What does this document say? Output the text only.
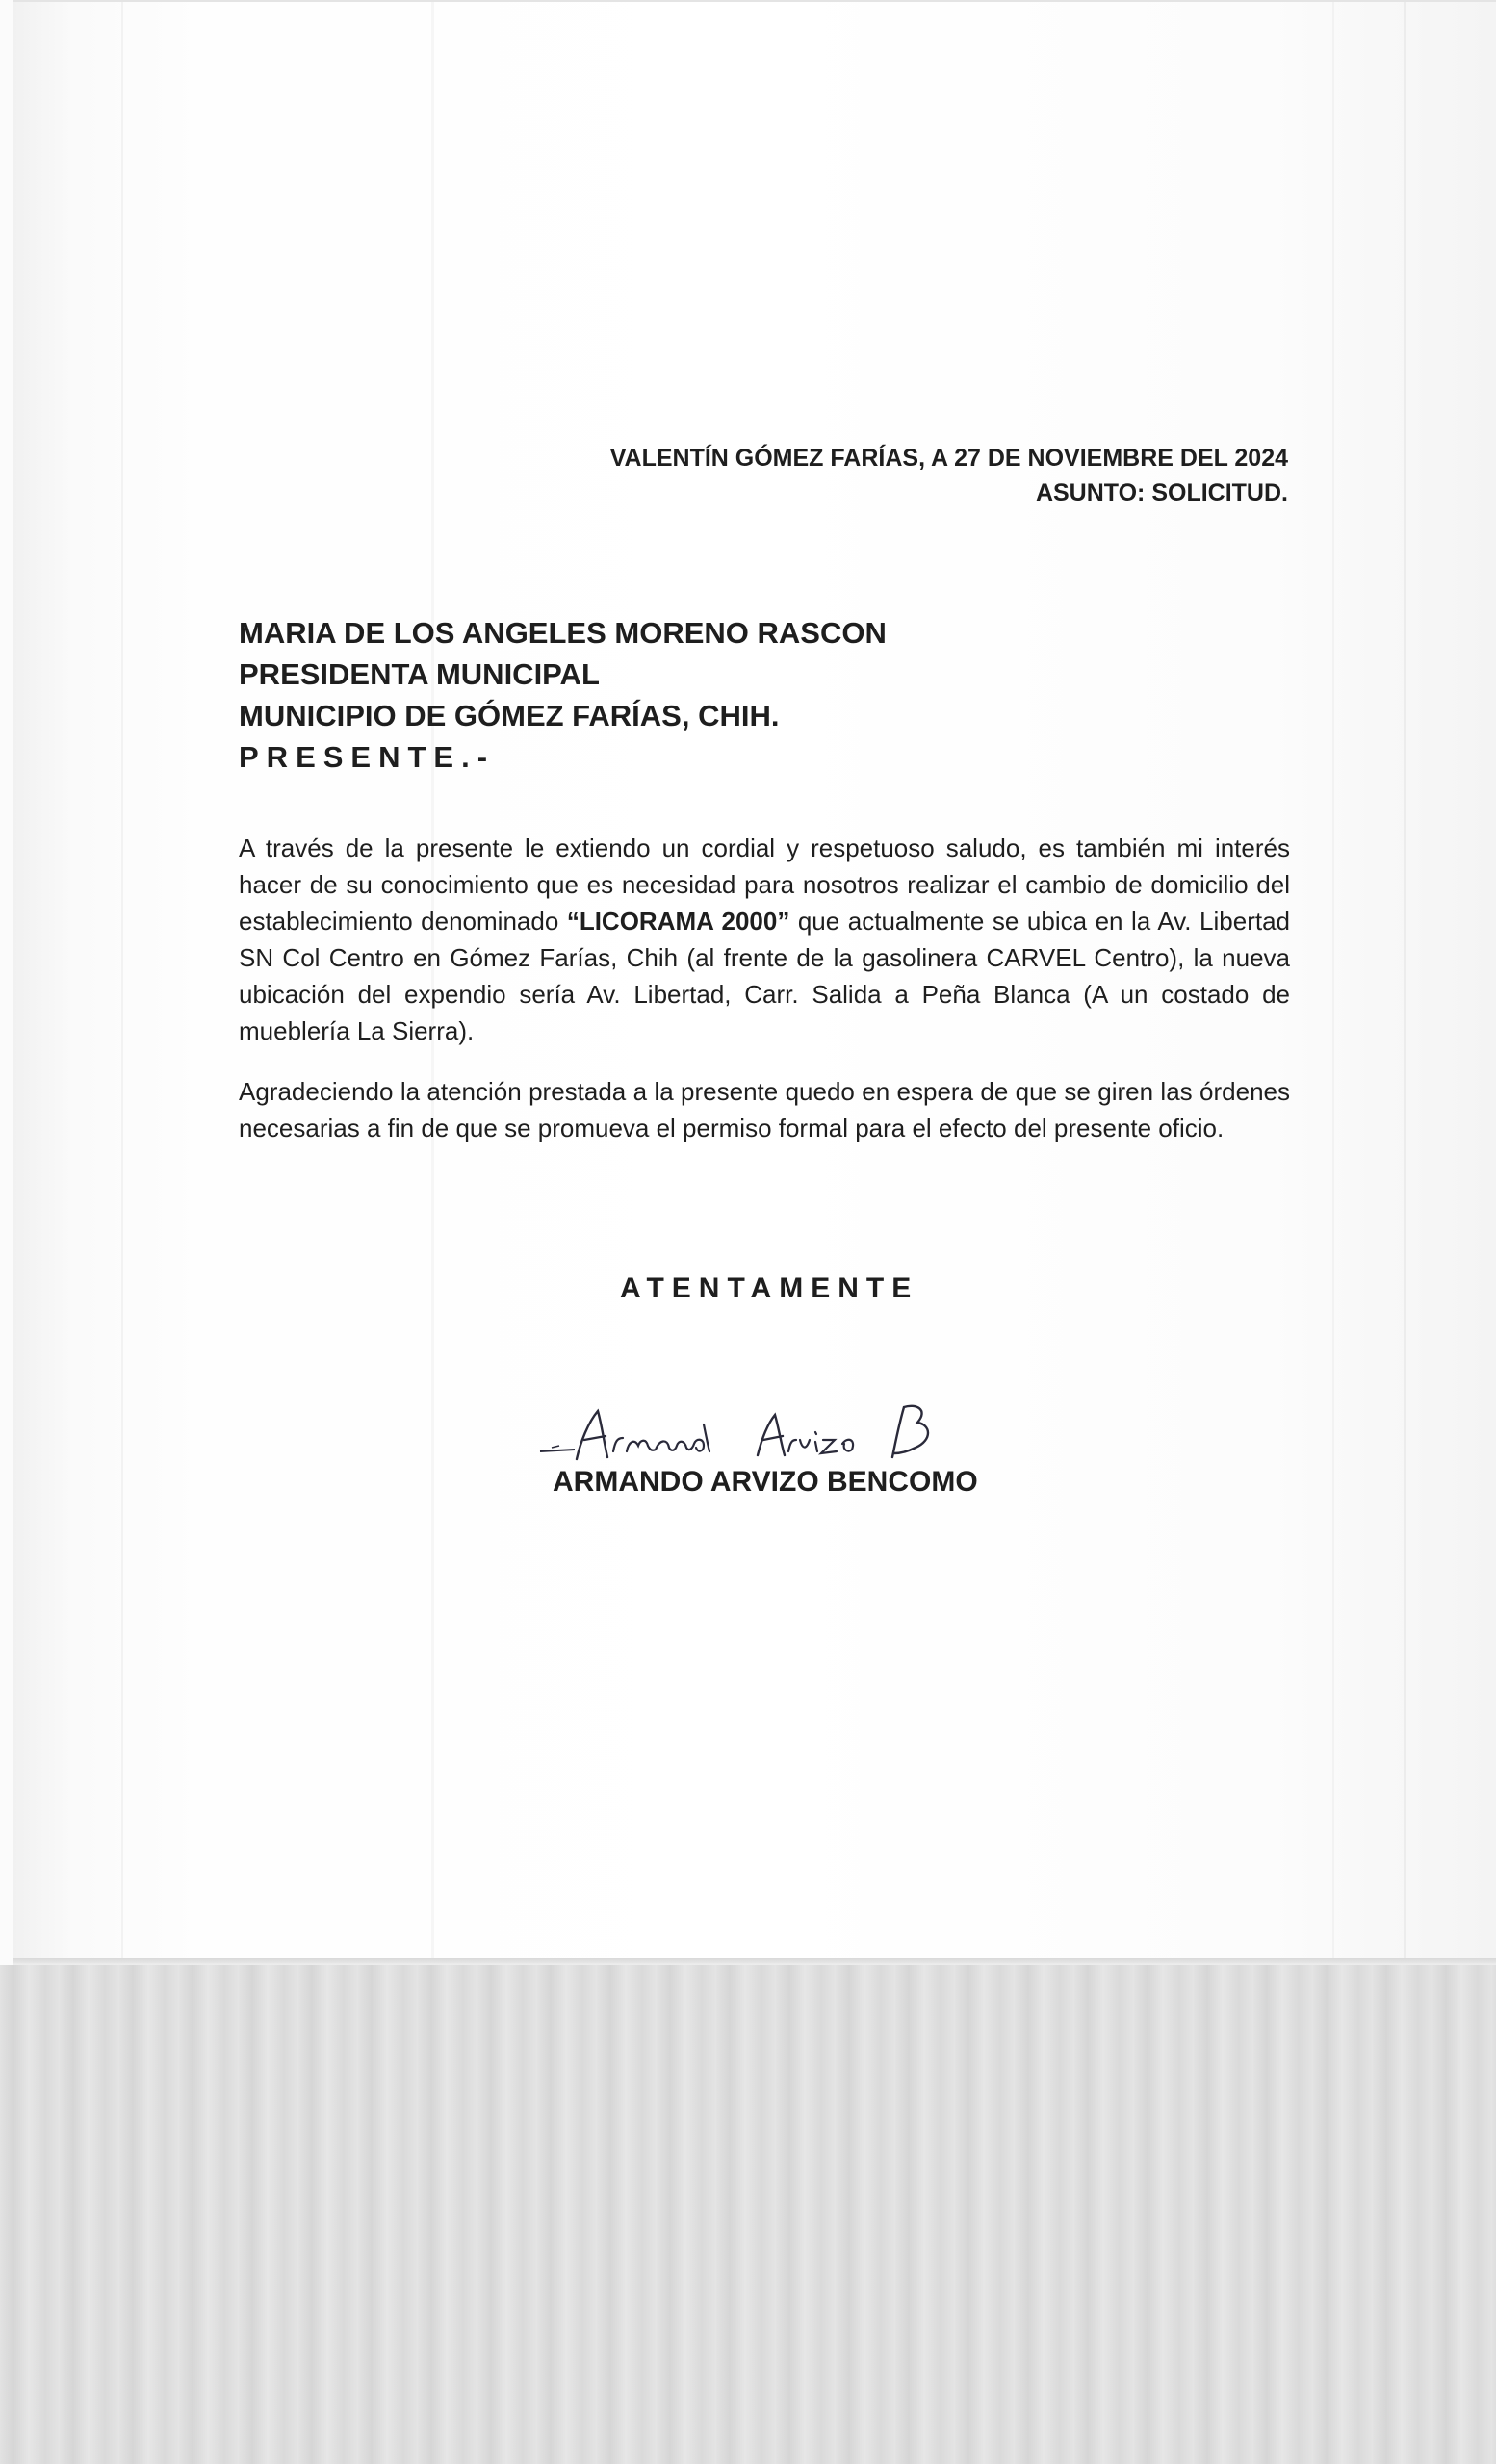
VALENTÍN GÓMEZ FARÍAS, A 27 DE NOVIEMBRE DEL 2024
ASUNTO: SOLICITUD.
MARIA DE LOS ANGELES MORENO RASCON
PRESIDENTA MUNICIPAL
MUNICIPIO DE GÓMEZ FARÍAS, CHIH.
PRESENTE.-

A través de la presente le extiendo un cordial y respetuoso saludo, es también mi interés hacer de su conocimiento que es necesidad para nosotros realizar el cambio de domicilio del establecimiento denominado “LICORAMA 2000” que actualmente se ubica en la Av. Libertad SN Col Centro en Gómez Farías, Chih (al frente de la gasolinera CARVEL Centro), la nueva ubicación del expendio sería Av. Libertad, Carr. Salida a Peña Blanca (A un costado de mueblería La Sierra).

Agradeciendo la atención prestada a la presente quedo en espera de que se giren las órdenes necesarias a fin de que se promueva el permiso formal para el efecto del presente oficio.

ATENTAMENTE
ARMANDO ARVIZO BENCOMO
